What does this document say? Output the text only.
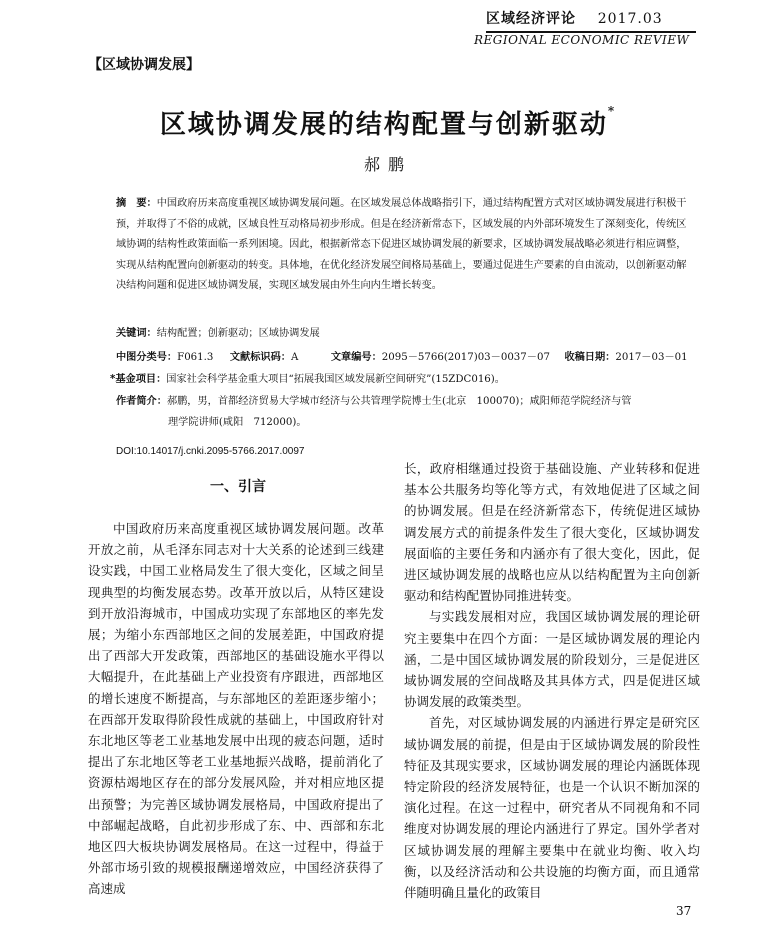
区域经济评论 2017.03
REGIONAL ECONOMIC REVIEW
【区域协调发展】
区域协调发展的结构配置与创新驱动*
郝鹏
摘　要：中国政府历来高度重视区域协调发展问题。在区域发展总体战略指引下，通过结构配置方式对区域协调发展进行积极干预，并取得了不俗的成就，区域良性互动格局初步形成。但是在经济新常态下，区域发展的内外部环境发生了深刻变化，传统区域协调的结构性政策面临一系列困境。因此，根据新常态下促进区域协调发展的新要求，区域协调发展战略必须进行相应调整，实现从结构配置向创新驱动的转变。具体地，在优化经济发展空间格局基础上，要通过促进生产要素的自由流动，以创新驱动解决结构问题和促进区域协调发展，实现区域发展由外生向内生增长转变。
关键词：结构配置；创新驱动；区域协调发展
中图分类号：F061.3 文献标识码：A	文章编号：2095－5766(2017)03－0037－07 收稿日期：2017－03－01
*基金项目：国家社会科学基金重大项目“拓展我国区域发展新空间研究”(15ZDC016)。
作者简介：郝鹏，男，首都经济贸易大学城市经济与公共管理学院博士生(北京　100070)；咸阳师范学院经济与管
理学院讲师(咸阳　712000)。
DOI:10.14017/j.cnki.2095-5766.2017.0097
一、引言

中国政府历来高度重视区域协调发展问题。改革开放之前，从毛泽东同志对十大关系的论述到三线建设实践，中国工业格局发生了很大变化，区域之间呈现典型的均衡发展态势。改革开放以后，从特区建设到开放沿海城市，中国成功实现了东部地区的率先发展；为缩小东西部地区之间的发展差距，中国政府提出了西部大开发政策，西部地区的基础设施水平得以大幅提升，在此基础上产业投资有序跟进，西部地区的增长速度不断提高，与东部地区的差距逐步缩小；在西部开发取得阶段性成就的基础上，中国政府针对东北地区等老工业基地发展中出现的疲态问题，适时提出了东北地区等老工业基地振兴战略，提前消化了资源枯竭地区存在的部分发展风险，并对相应地区提出预警；为完善区域协调发展格局，中国政府提出了中部崛起战略，自此初步形成了东、中、西部和东北地区四大板块协调发展格局。在这一过程中，得益于外部市场引致的规模报酬递增效应，中国经济获得了高速成

长，政府相继通过投资于基础设施、产业转移和促进基本公共服务均等化等方式，有效地促进了区域之间的协调发展。但是在经济新常态下，传统促进区域协调发展方式的前提条件发生了很大变化，区域协调发展面临的主要任务和内涵亦有了很大变化，因此，促进区域协调发展的战略也应从以结构配置为主向创新驱动和结构配置协同推进转变。

与实践发展相对应，我国区域协调发展的理论研究主要集中在四个方面：一是区域协调发展的理论内涵，二是中国区域协调发展的阶段划分，三是促进区域协调发展的空间战略及其具体方式，四是促进区域协调发展的政策类型。

首先，对区域协调发展的内涵进行界定是研究区域协调发展的前提，但是由于区域协调发展的阶段性特征及其现实要求，区域协调发展的理论内涵既体现特定阶段的经济发展特征，也是一个认识不断加深的演化过程。在这一过程中，研究者从不同视角和不同维度对协调发展的理论内涵进行了界定。国外学者对区域协调发展的理解主要集中在就业均衡、收入均衡，以及经济活动和公共设施的均衡方面，而且通常伴随明确且量化的政策目

37
